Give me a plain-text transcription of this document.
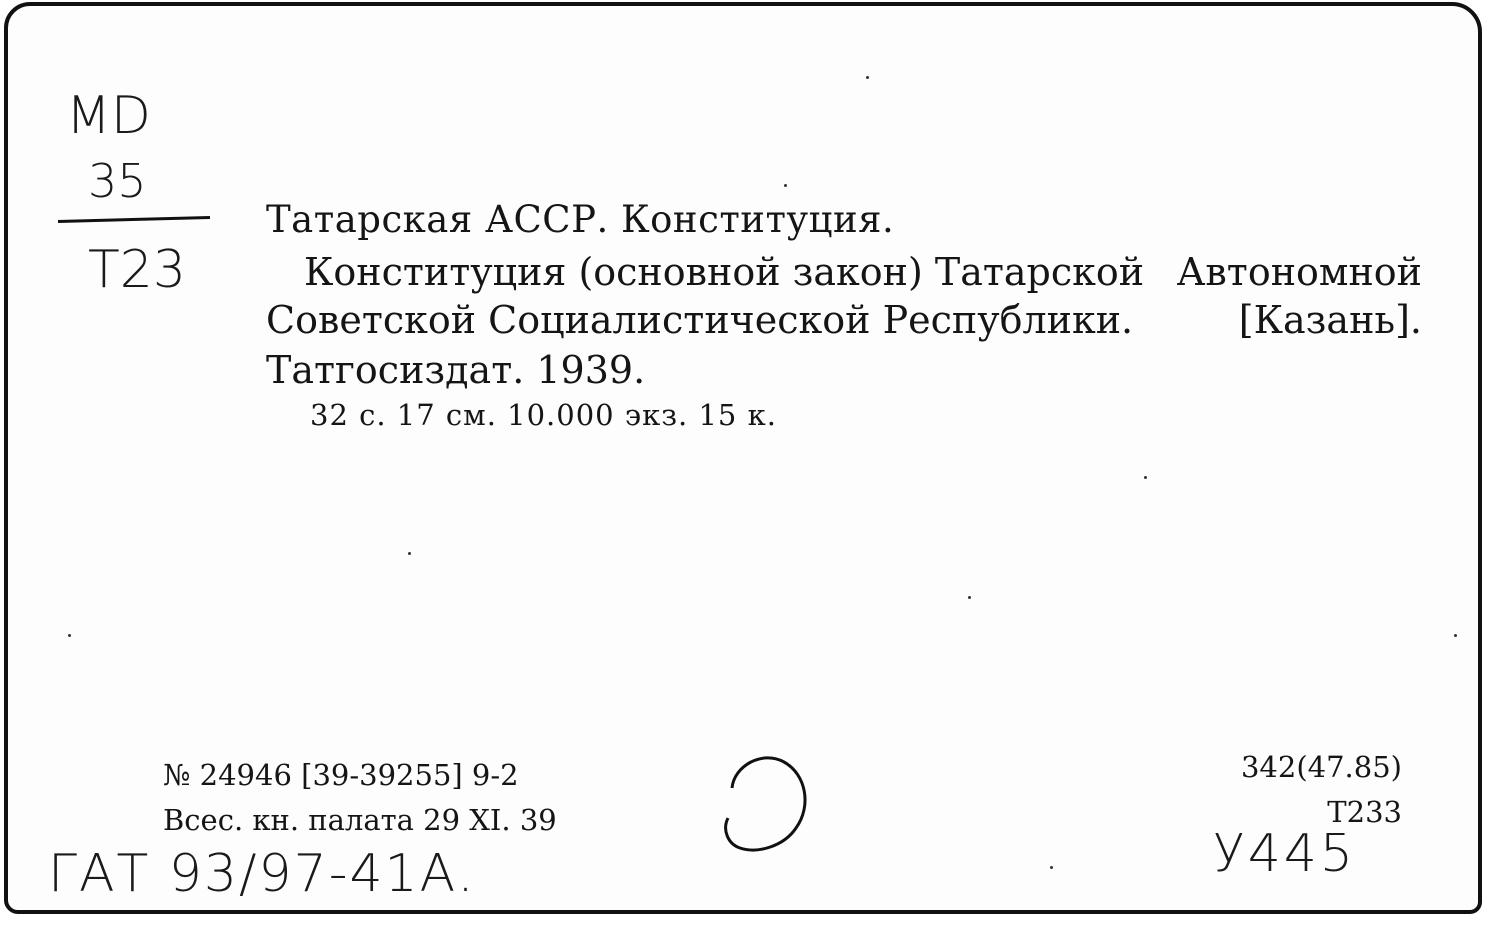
MD
35
T23
Татарская АССР. Конституция.
Конституция (основной закон) Татарской Автономной
Советской Социалистической Республики.	[Казань].
Татгосиздат. 1939.
32 с. 17 см. 10.000 экз. 15 к.
№ 24946 [39-39255] 9-2
Всес. кн. палата 29 XI. 39
342(47.85)
T233
ГАТ 93/97-41А.	У445
